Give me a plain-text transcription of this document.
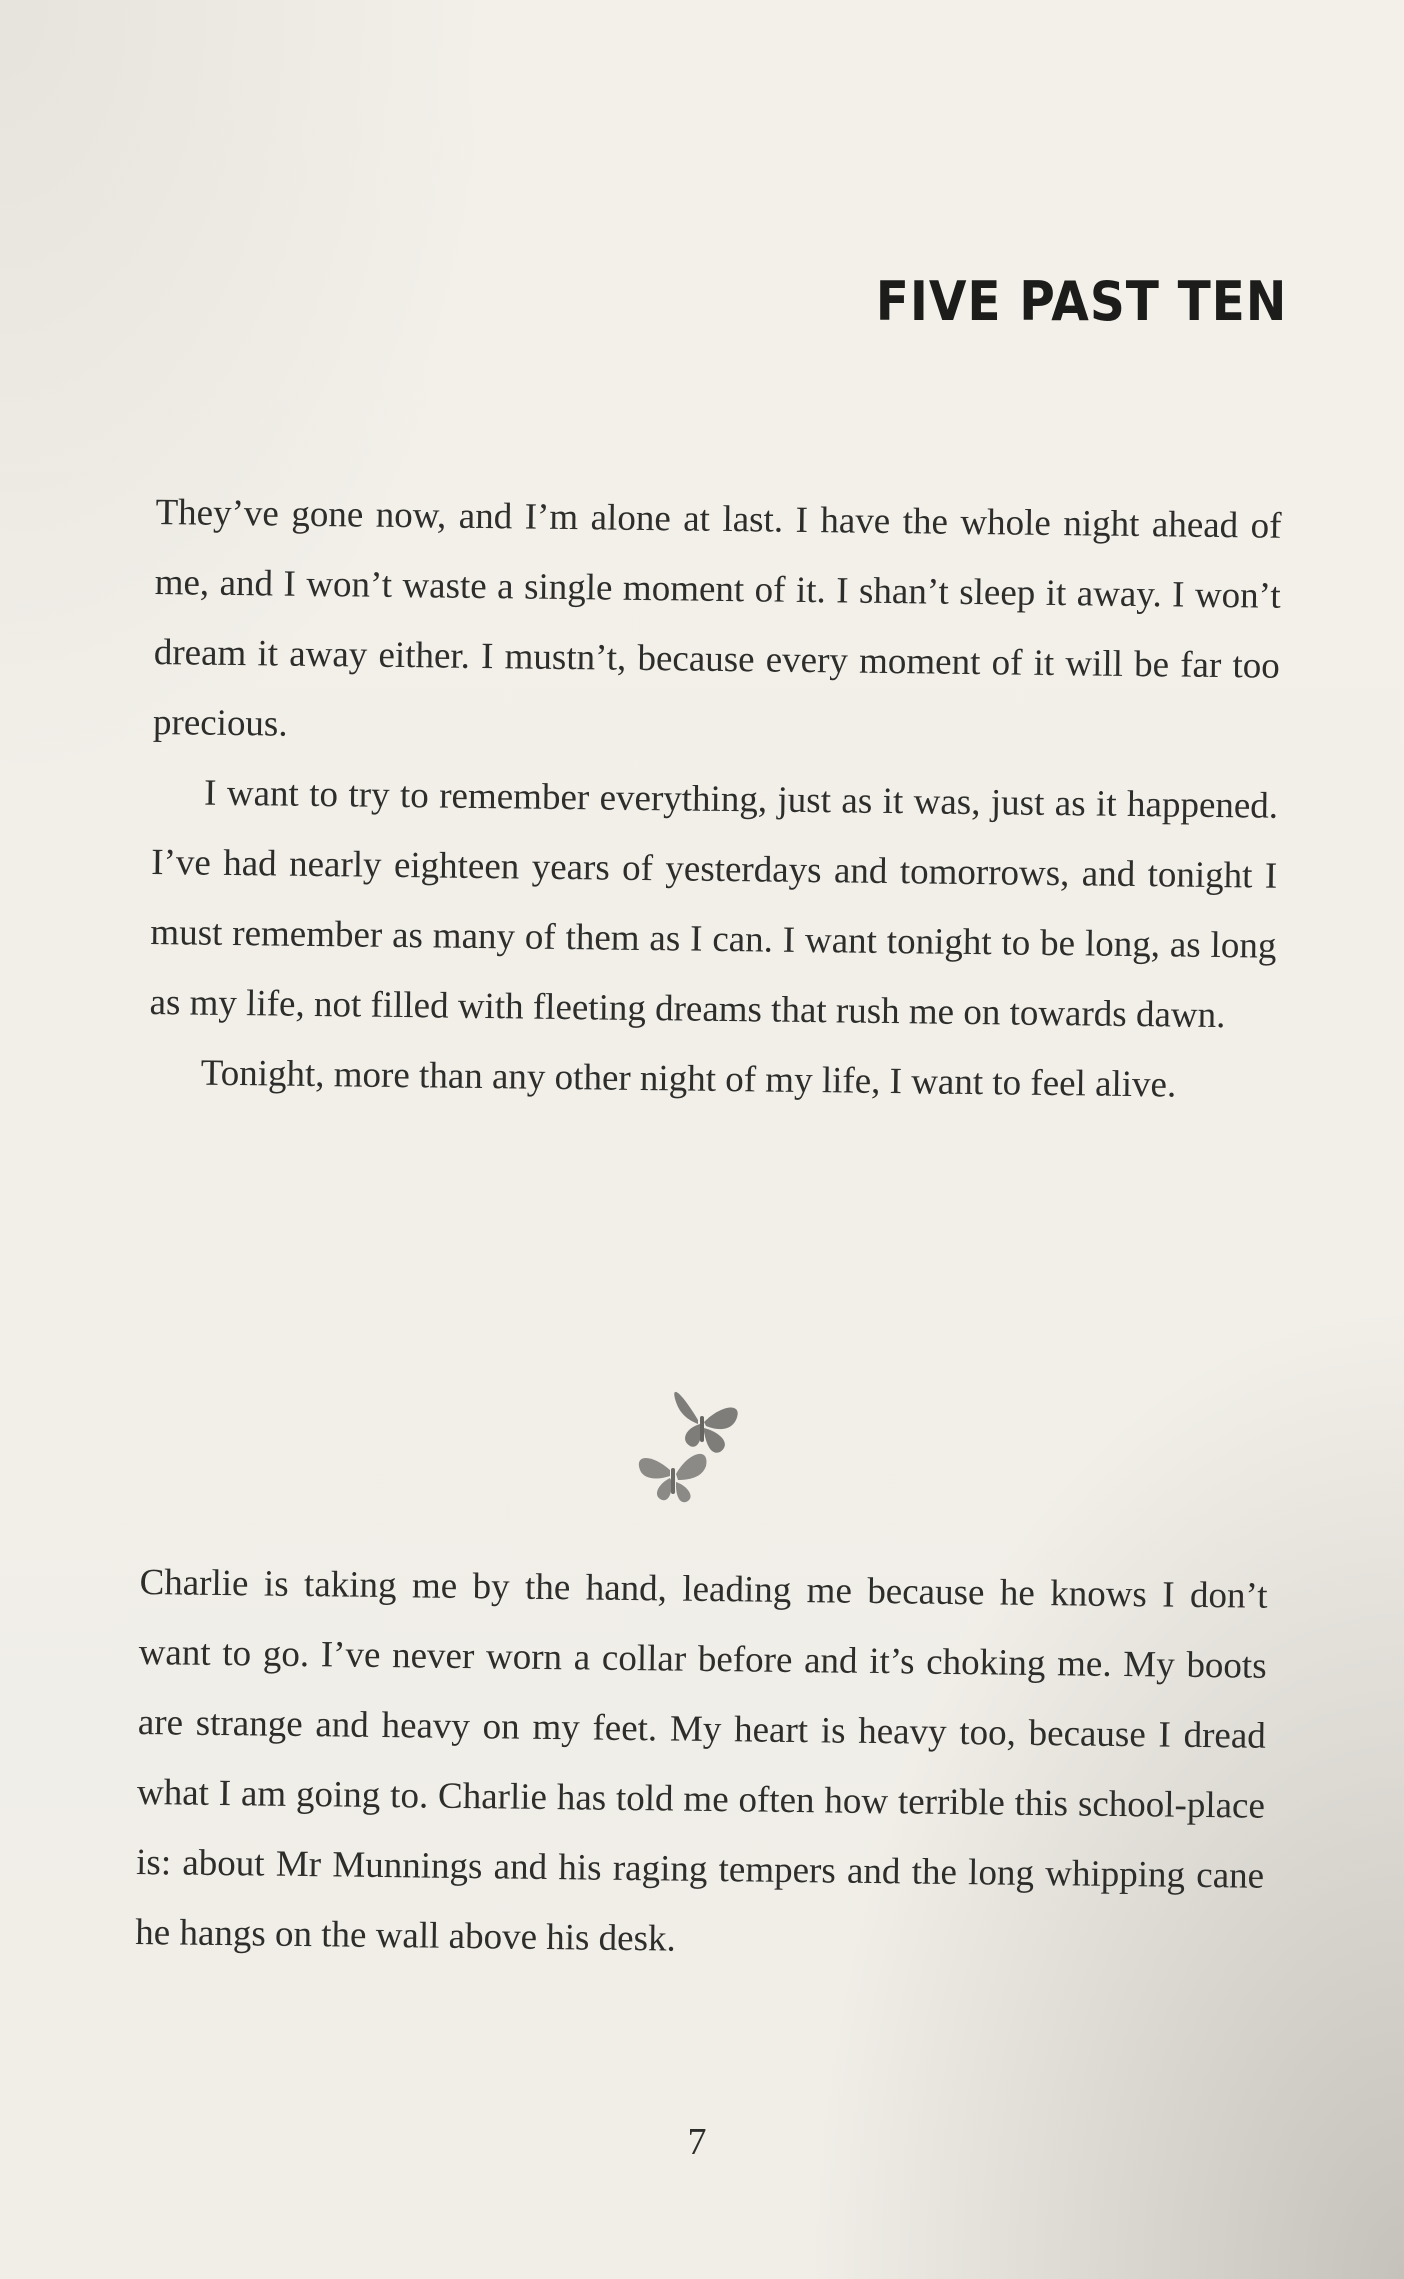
FIVE PAST TEN

They’ve gone now, and I’m alone at last. I have the whole night ahead of me, and I won’t waste a single moment of it. I shan’t sleep it away. I won’t dream it away either. I mustn’t, because every moment of it will be far too precious.

I want to try to remember everything, just as it was, just as it happened. I’ve had nearly eighteen years of yesterdays and tomorrows, and tonight I must remember as many of them as I can. I want tonight to be long, as long as my life, not filled with fleeting dreams that rush me on towards dawn.

Tonight, more than any other night of my life, I want to feel alive.

Charlie is taking me by the hand, leading me because he knows I don’t want to go. I’ve never worn a collar before and it’s choking me. My boots are strange and heavy on my feet. My heart is heavy too, because I dread what I am going to. Charlie has told me often how terrible this school-place is: about Mr Munnings and his raging tempers and the long whipping cane he hangs on the wall above his desk.

7
